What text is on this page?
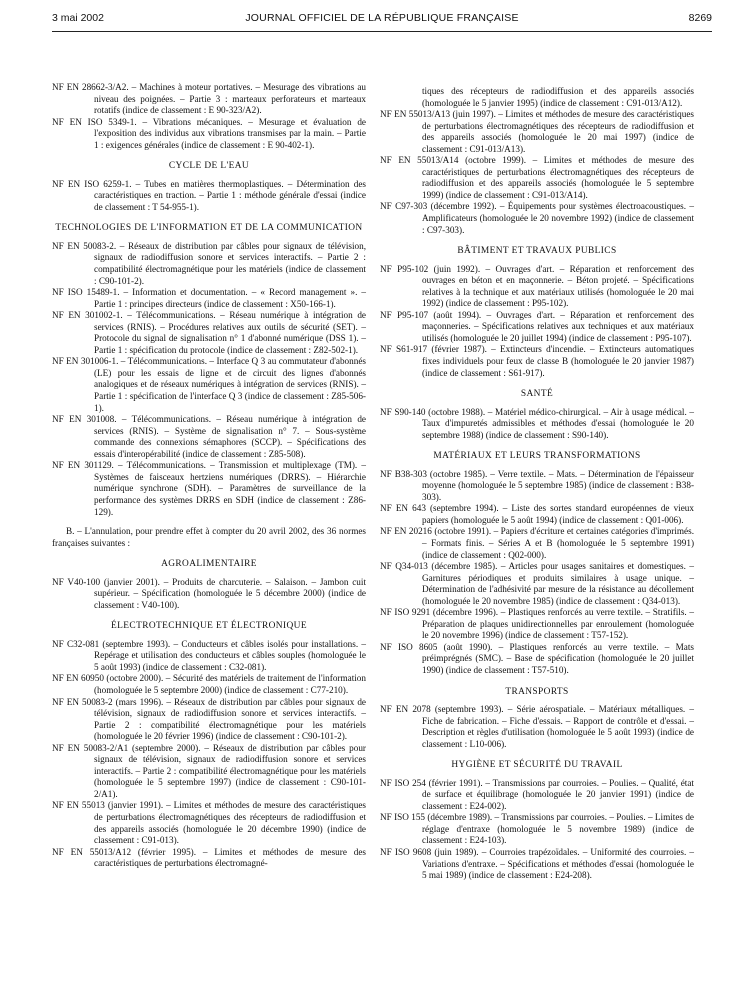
3 mai 2002	JOURNAL OFFICIEL DE LA RÉPUBLIQUE FRANÇAISE	8269

NF EN 28662-3/A2. – Machines à moteur portatives. – Mesurage des vibrations au niveau des poignées. – Partie 3 : marteaux perforateurs et marteaux rotatifs (indice de classement : E 90-323/A2).

NF EN ISO 5349-1. – Vibrations mécaniques. – Mesurage et évaluation de l'exposition des individus aux vibrations transmises par la main. – Partie 1 : exigences générales (indice de classement : E 90-402-1).

CYCLE DE L'EAU

NF EN ISO 6259-1. – Tubes en matières thermoplastiques. – Détermination des caractéristiques en traction. – Partie 1 : méthode générale d'essai (indice de classement : T 54-955-1).

TECHNOLOGIES DE L'INFORMATION ET DE LA COMMUNICATION

NF EN 50083-2. – Réseaux de distribution par câbles pour signaux de télévision, signaux de radiodiffusion sonore et services interactifs. – Partie 2 : compatibilité électromagnétique pour les matériels (indice de classement : C90-101-2).

NF ISO 15489-1. – Information et documentation. – « Record management ». – Partie 1 : principes directeurs (indice de classement : X50-166-1).

NF EN 301002-1. – Télécommunications. – Réseau numérique à intégration de services (RNIS). – Procédures relatives aux outils de sécurité (SET). – Protocole du signal de signalisation n° 1 d'abonné numérique (DSS 1). – Partie 1 : spécification du protocole (indice de classement : Z82-502-1).

NF EN 301006-1. – Télécommunications. – Interface Q 3 au commutateur d'abonnés (LE) pour les essais de ligne et de circuit des lignes d'abonnés analogiques et de réseaux numériques à intégration de services (RNIS). – Partie 1 : spécification de l'interface Q 3 (indice de classement : Z85-506-1).

NF EN 301008. – Télécommunications. – Réseau numérique à intégration de services (RNIS). – Système de signalisation n° 7. – Sous-système commande des connexions sémaphores (SCCP). – Spécifications des essais d'interopérabilité (indice de classement : Z85-508).

NF EN 301129. – Télécommunications. – Transmission et multiplexage (TM). – Systèmes de faisceaux hertziens numériques (DRRS). – Hiérarchie numérique synchrone (SDH). – Paramètres de surveillance de la performance des systèmes DRRS en SDH (indice de classement : Z86-129).

B. – L'annulation, pour prendre effet à compter du 20 avril 2002, des 36 normes françaises suivantes :

AGROALIMENTAIRE

NF V40-100 (janvier 2001). – Produits de charcuterie. – Salaison. – Jambon cuit supérieur. – Spécification (homologuée le 5 décembre 2000) (indice de classement : V40-100).

ÉLECTROTECHNIQUE ET ÉLECTRONIQUE

NF C32-081 (septembre 1993). – Conducteurs et câbles isolés pour installations. – Repérage et utilisation des conducteurs et câbles souples (homologuée le 5 août 1993) (indice de classement : C32-081).

NF EN 60950 (octobre 2000). – Sécurité des matériels de traitement de l'information (homologuée le 5 septembre 2000) (indice de classement : C77-210).

NF EN 50083-2 (mars 1996). – Réseaux de distribution par câbles pour signaux de télévision, signaux de radiodiffusion sonore et services interactifs. – Partie 2 : compatibilité électromagnétique pour les matériels (homologuée le 20 février 1996) (indice de classement : C90-101-2).

NF EN 50083-2/A1 (septembre 2000). – Réseaux de distribution par câbles pour signaux de télévision, signaux de radiodiffusion sonore et services interactifs. – Partie 2 : compatibilité électromagnétique pour les matériels (homologuée le 5 septembre 1997) (indice de classement : C90-101-2/A1).

NF EN 55013 (janvier 1991). – Limites et méthodes de mesure des caractéristiques de perturbations électromagnétiques des récepteurs de radiodiffusion et des appareils associés (homologuée le 20 décembre 1990) (indice de classement : C91-013).

NF EN 55013/A12 (février 1995). – Limites et méthodes de mesure des caractéristiques de perturbations électromagné-

tiques des récepteurs de radiodiffusion et des appareils associés (homologuée le 5 janvier 1995) (indice de classement : C91-013/A12).

NF EN 55013/A13 (juin 1997). – Limites et méthodes de mesure des caractéristiques de perturbations électromagnétiques des récepteurs de radiodiffusion et des appareils associés (homologuée le 20 mai 1997) (indice de classement : C91-013/A13).

NF EN 55013/A14 (octobre 1999). – Limites et méthodes de mesure des caractéristiques de perturbations électromagnétiques des récepteurs de radiodiffusion et des appareils associés (homologuée le 5 septembre 1999) (indice de classement : C91-013/A14).

NF C97-303 (décembre 1992). – Équipements pour systèmes électroacoustiques. – Amplificateurs (homologuée le 20 novembre 1992) (indice de classement : C97-303).

BÂTIMENT ET TRAVAUX PUBLICS

NF P95-102 (juin 1992). – Ouvrages d'art. – Réparation et renforcement des ouvrages en béton et en maçonnerie. – Béton projeté. – Spécifications relatives à la technique et aux matériaux utilisés (homologuée le 20 mai 1992) (indice de classement : P95-102).

NF P95-107 (août 1994). – Ouvrages d'art. – Réparation et renforcement des maçonneries. – Spécifications relatives aux techniques et aux matériaux utilisés (homologuée le 20 juillet 1994) (indice de classement : P95-107).

NF S61-917 (février 1987). – Extincteurs d'incendie. – Extincteurs automatiques fixes individuels pour feux de classe B (homologuée le 20 janvier 1987) (indice de classement : S61-917).

SANTÉ

NF S90-140 (octobre 1988). – Matériel médico-chirurgical. – Air à usage médical. – Taux d'impuretés admissibles et méthodes d'essai (homologuée le 20 septembre 1988) (indice de classement : S90-140).

MATÉRIAUX ET LEURS TRANSFORMATIONS

NF B38-303 (octobre 1985). – Verre textile. – Mats. – Détermination de l'épaisseur moyenne (homologuée le 5 septembre 1985) (indice de classement : B38-303).

NF EN 643 (septembre 1994). – Liste des sortes standard européennes de vieux papiers (homologuée le 5 août 1994) (indice de classement : Q01-006).

NF EN 20216 (octobre 1991). – Papiers d'écriture et certaines catégories d'imprimés. – Formats finis. – Séries A et B (homologuée le 5 septembre 1991) (indice de classement : Q02-000).

NF Q34-013 (décembre 1985). – Articles pour usages sanitaires et domestiques. – Garnitures périodiques et produits similaires à usage unique. – Détermination de l'adhésivité par mesure de la résistance au décollement (homologuée le 20 novembre 1985) (indice de classement : Q34-013).

NF ISO 9291 (décembre 1996). – Plastiques renforcés au verre textile. – Stratifils. – Préparation de plaques unidirectionnelles par enroulement (homologuée le 20 novembre 1996) (indice de classement : T57-152).

NF ISO 8605 (août 1990). – Plastiques renforcés au verre textile. – Mats préimprégnés (SMC). – Base de spécification (homologuée le 20 juillet 1990) (indice de classement : T57-510).

TRANSPORTS

NF EN 2078 (septembre 1993). – Série aérospatiale. – Matériaux métalliques. – Fiche de fabrication. – Fiche d'essais. – Rapport de contrôle et d'essai. – Description et règles d'utilisation (homologuée le 5 août 1993) (indice de classement : L10-006).

HYGIÈNE ET SÉCURITÉ DU TRAVAIL

NF ISO 254 (février 1991). – Transmissions par courroies. – Poulies. – Qualité, état de surface et équilibrage (homologuée le 20 janvier 1991) (indice de classement : E24-002).

NF ISO 155 (décembre 1989). – Transmissions par courroies. – Poulies. – Limites de réglage d'entraxe (homologuée le 5 novembre 1989) (indice de classement : E24-103).

NF ISO 9608 (juin 1989). – Courroies trapézoïdales. – Uniformité des courroies. – Variations d'entraxe. – Spécifications et méthodes d'essai (homologuée le 5 mai 1989) (indice de classement : E24-208).
